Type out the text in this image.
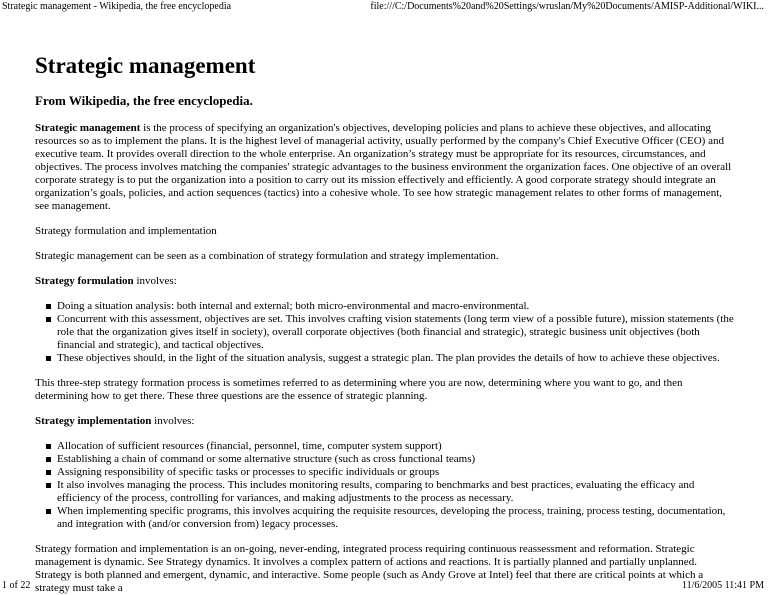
Strategic management - Wikipedia, the free encyclopedia	file:///C:/Documents%20and%20Settings/wruslan/My%20Documents/AMISP-Additional/WIKI...
Strategic management
From Wikipedia, the free encyclopedia.

Strategic management is the process of specifying an organization's objectives, developing policies and plans to achieve these objectives, and allocating resources so as to implement the plans. It is the highest level of managerial activity, usually performed by the company's Chief Executive Officer (CEO) and executive team. It provides overall direction to the whole enterprise. An organization’s strategy must be appropriate for its resources, circumstances, and objectives. The process involves matching the companies' strategic advantages to the business environment the organization faces. One objective of an overall corporate strategy is to put the organization into a position to carry out its mission effectively and efficiently. A good corporate strategy should integrate an organization’s goals, policies, and action sequences (tactics) into a cohesive whole. To see how strategic management relates to other forms of management, see management.

Strategy formulation and implementation

Strategic management can be seen as a combination of strategy formulation and strategy implementation.

Strategy formulation involves:

Doing a situation analysis: both internal and external; both micro-environmental and macro-environmental.
Concurrent with this assessment, objectives are set. This involves crafting vision statements (long term view of a possible future), mission statements (the role that the organization gives itself in society), overall corporate objectives (both financial and strategic), strategic business unit objectives (both financial and strategic), and tactical objectives.
These objectives should, in the light of the situation analysis, suggest a strategic plan. The plan provides the details of how to achieve these objectives.

This three-step strategy formation process is sometimes referred to as determining where you are now, determining where you want to go, and then determining how to get there. These three questions are the essence of strategic planning.

Strategy implementation involves:

Allocation of sufficient resources (financial, personnel, time, computer system support)
Establishing a chain of command or some alternative structure (such as cross functional teams)
Assigning responsibility of specific tasks or processes to specific individuals or groups
It also involves managing the process. This includes monitoring results, comparing to benchmarks and best practices, evaluating the efficacy and efficiency of the process, controlling for variances, and making adjustments to the process as necessary.
When implementing specific programs, this involves acquiring the requisite resources, developing the process, training, process testing, documentation, and integration with (and/or conversion from) legacy processes.

Strategy formation and implementation is an on-going, never-ending, integrated process requiring continuous reassessment and reformation. Strategic management is dynamic. See Strategy dynamics. It involves a complex pattern of actions and reactions. It is partially planned and partially unplanned. Strategy is both planned and emergent, dynamic, and interactive. Some people (such as Andy Grove at Intel) feel that there are critical points at which a strategy must take a

1 of 22	11/6/2005 11:41 PM
